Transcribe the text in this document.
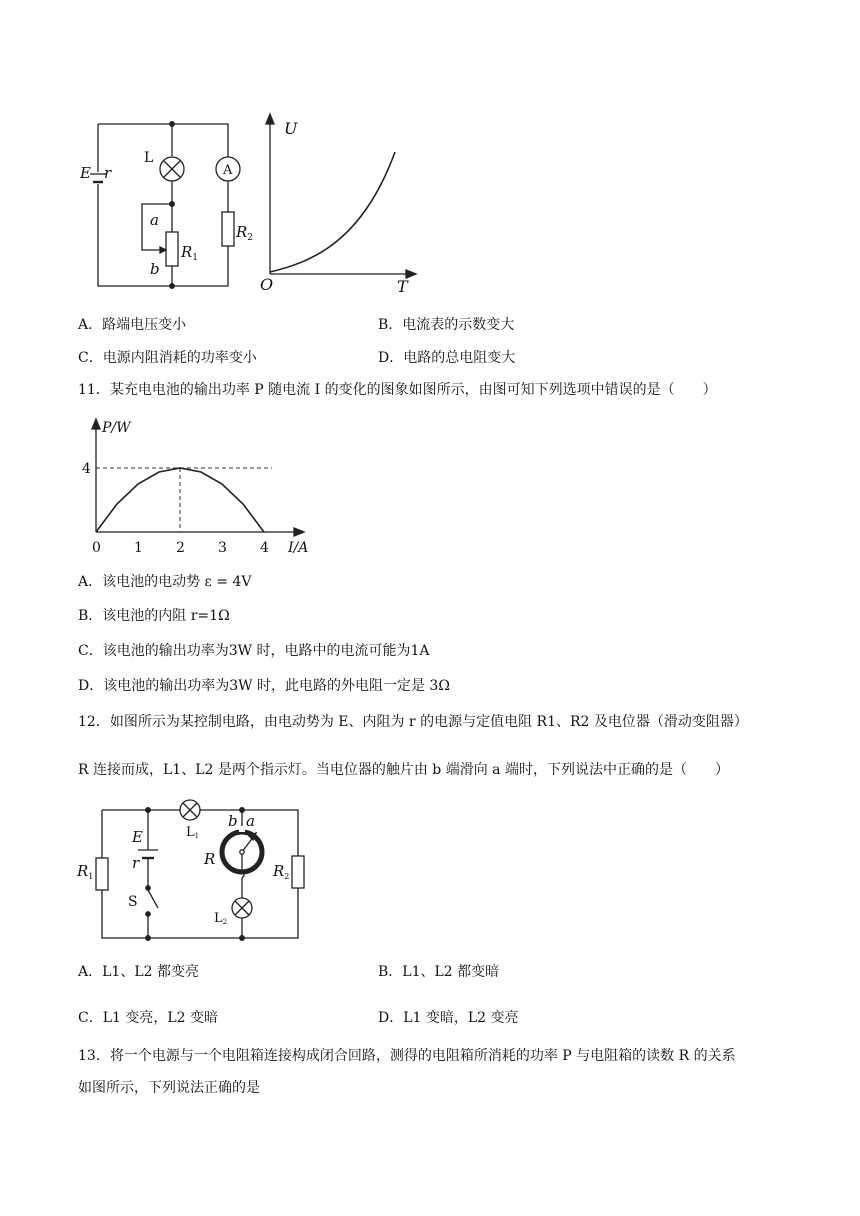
E r
L
A
a
b
$R_1$
$R_2$
U
T
O
A．路端电压变小	B．电流表的示数变大
C．电源内阻消耗的功率变小	D．电路的总电阻变大
11．某充电电池的输出功率 P 随电流 I 的变化的图象如图所示，由图可知下列选项中错误的是（　　）
0 1 2 3 4
4
P/W
I/A
A．该电池的电动势 ε = 4V
B．该电池的内阻 r=1Ω
C．该电池的输出功率为3W 时，电路中的电流可能为1A
D．该电池的输出功率为3W 时，此电路的外电阻一定是 3Ω
12．如图所示为某控制电路，由电动势为 E、内阻为 r 的电源与定值电阻 R1、R2 及电位器（滑动变阻器）
R 连接而成，L1、L2 是两个指示灯。当电位器的触片由 b 端滑向 a 端时，下列说法中正确的是（　　）
L1
b a
E
r	R
$R_1$	$R_2$
S
L2
A．L1、L2 都变亮	B．L1、L2 都变暗
C．L1 变亮，L2 变暗	D．L1 变暗，L2 变亮
13．将一个电源与一个电阻箱连接构成闭合回路，测得的电阻箱所消耗的功率 P 与电阻箱的读数 R 的关系
如图所示，下列说法正确的是
